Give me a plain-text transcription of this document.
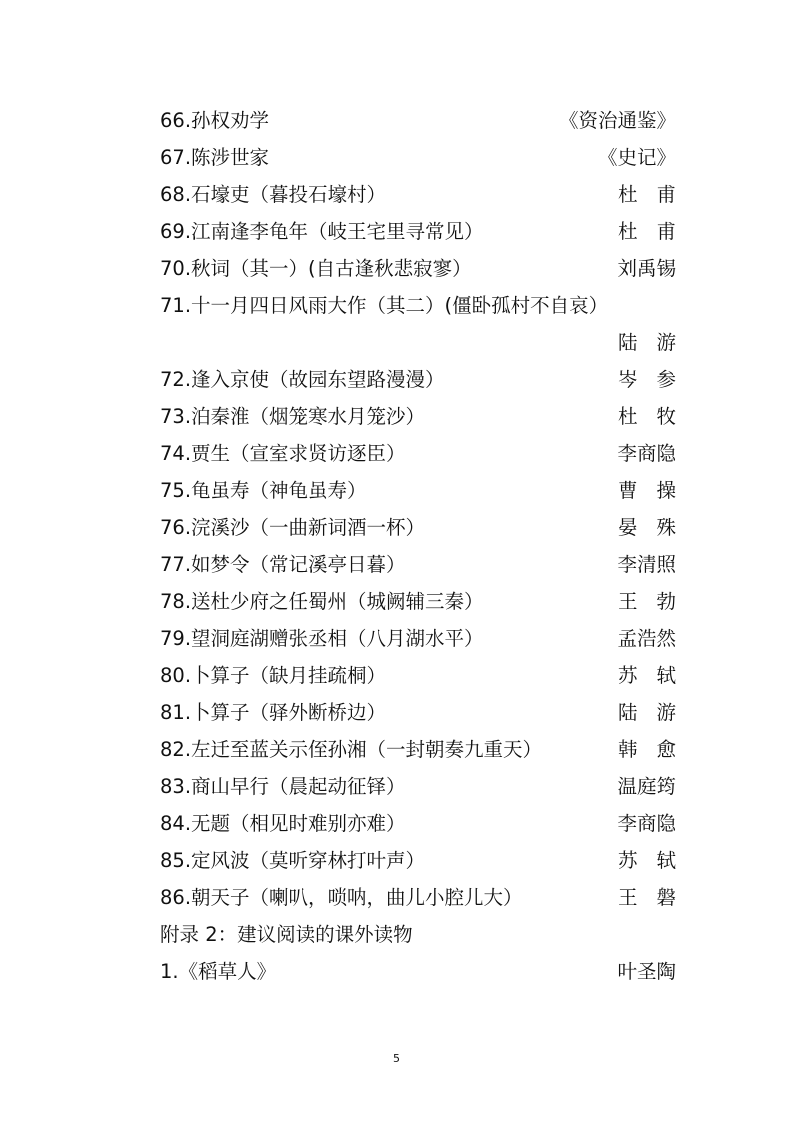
66.孙权劝学	《资治通鉴》
67.陈涉世家	《史记》
68.石壕吏（暮投石壕村）	杜甫
69.江南逢李龟年（岐王宅里寻常见）	杜甫
70.秋词（其一）(自古逢秋悲寂寥）	刘禹锡
71.十一月四日风雨大作（其二）(僵卧孤村不自哀）
陆游
72.逢入京使（故园东望路漫漫）	岑参
73.泊秦淮（烟笼寒水月笼沙）	杜牧
74.贾生（宣室求贤访逐臣）	李商隐
75.龟虽寿（神龟虽寿）	曹操
76.浣溪沙（一曲新词酒一杯）	晏殊
77.如梦令（常记溪亭日暮）	李清照
78.送杜少府之任蜀州（城阙辅三秦）	王勃
79.望洞庭湖赠张丞相（八月湖水平）	孟浩然
80.卜算子（缺月挂疏桐）	苏轼
81.卜算子（驿外断桥边）	陆游
82.左迁至蓝关示侄孙湘（一封朝奏九重天）	韩愈
83.商山早行（晨起动征铎）	温庭筠
84.无题（相见时难别亦难）	李商隐
85.定风波（莫听穿林打叶声）	苏轼
86.朝天子（喇叭，唢呐，曲儿小腔儿大）	王磐
附录 2：建议阅读的课外读物
1.《稻草人》	叶圣陶
5
